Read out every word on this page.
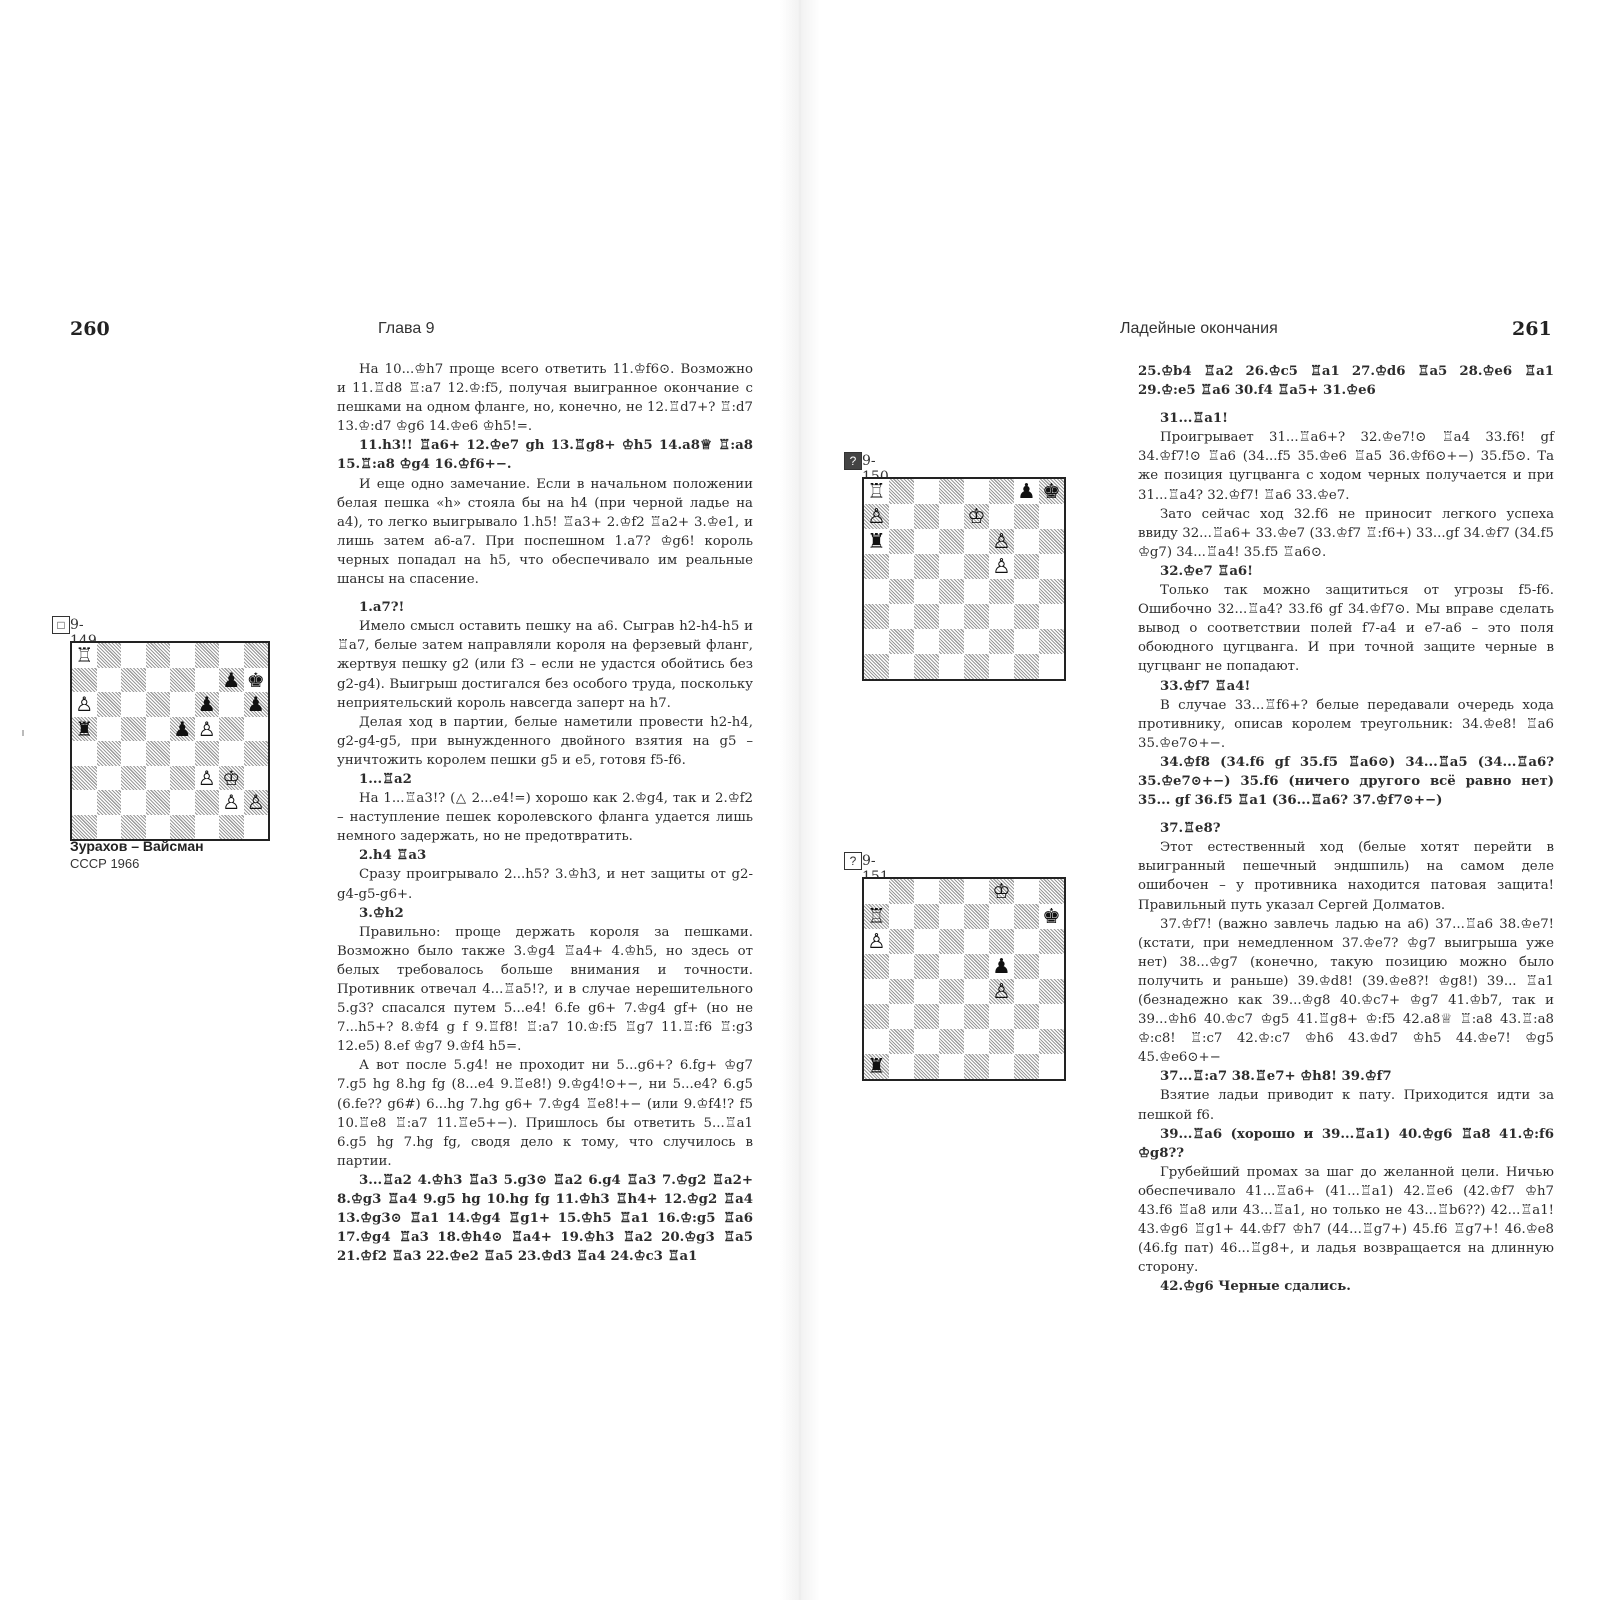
260	Глава 9
9-
□
♖
♟ ♚
♙	♟ ♟
♜	♟ ♙
♙ ♔
♙ ♙
Зурахов – Вайсман
СССР 1966

На 10...♔h7 проще всего ответить 11.♔f6⊙. Возможно и 11.♖d8 ♖:a7 12.♔:f5, получая выигранное окончание с пешками на одном фланге, но, конечно, не 12.♖d7+? ♖:d7 13.♔:d7 ♔g6 14.♔e6 ♔h5!=.

11.h3!! ♖a6+ 12.♔e7 gh 13.♖g8+ ♔h5 14.a8♕ ♖:a8 15.♖:a8 ♔g4 16.♔f6+−.

И еще одно замечание. Если в начальном положении белая пешка «h» стояла бы на h4 (при черной ладье на a4), то легко выигрывало 1.h5! ♖a3+ 2.♔f2 ♖a2+ 3.♔e1, и лишь затем a6-a7. При поспешном 1.a7? ♔g6! король черных попадал на h5, что обеспечивало им реальные шансы на спасение.

1.a7?!

Имело смысл оставить пешку на a6. Сыграв h2-h4-h5 и ♖a7, белые затем направляли короля на ферзевый фланг, жертвуя пешку g2 (или f3 – если не удастся обойтись без g2-g4). Выигрыш достигался без особого труда, поскольку неприятельский король навсегда заперт на h7.

Делая ход в партии, белые наметили провести h2-h4, g2-g4-g5, при вынужденного двойного взятия на g5 – уничтожить королем пешки g5 и e5, готовя f5-f6.

1...♖a2

На 1...♖a3!? (△ 2...e4!=) хорошо как 2.♔g4, так и 2.♔f2 – наступление пешек королевского фланга удается лишь немного задержать, но не предотвратить.

2.h4 ♖a3

Сразу проигрывало 2...h5? 3.♔h3, и нет защиты от g2-g4-g5-g6+.

3.♔h2

Правильно: проще держать короля за пешками. Возможно было также 3.♔g4 ♖a4+ 4.♔h5, но здесь от белых требовалось больше внимания и точности. Противник отвечал 4...♖a5!?, и в случае нерешительного 5.g3? спасался путем 5...e4! 6.fe g6+ 7.♔g4 gf+ (но не 7...h5+? 8.♔f4 g f 9.♖f8! ♖:a7 10.♔:f5 ♖g7 11.♖:f6 ♖:g3 12.e5) 8.ef ♔g7 9.♔f4 h5=.

А вот после 5.g4! не проходит ни 5...g6+? 6.fg+ ♔g7 7.g5 hg 8.hg fg (8...e4 9.♖e8!) 9.♔g4!⊙+−, ни 5...e4? 6.g5 (6.fe?? g6#) 6...hg 7.hg g6+ 7.♔g4 ♖e8!+− (или 9.♔f4!? f5 10.♖e8 ♖:a7 11.♖e5+−). Пришлось бы ответить 5...♖a1 6.g5 hg 7.hg fg, сводя дело к тому, что случилось в партии.

3...♖a2 4.♔h3 ♖a3 5.g3⊙ ♖a2 6.g4 ♖a3 7.♔g2 ♖a2+ 8.♔g3 ♖a4 9.g5 hg 10.hg fg 11.♔h3 ♖h4+ 12.♔g2 ♖a4 13.♔g3⊙ ♖a1 14.♔g4 ♖g1+ 15.♔h5 ♖a1 16.♔:g5 ♖a6 17.♔g4 ♖a3 18.♔h4⊙ ♖a4+ 19.♔h3 ♖a2 20.♔g3 ♖a5 21.♔f2 ♖a3 22.♔e2 ♖a5 23.♔d3 ♖a4 24.♔c3 ♖a1

Ладейные окончания	261
9-
?
♖	♟ ♚
♙	♔
♜	♙
♙
9-
?
♔
♖	♚
♙
♟
♙
♜

25.♔b4 ♖a2 26.♔c5 ♖a1 27.♔d6 ♖a5 28.♔e6 ♖a1 29.♔:e5 ♖a6 30.f4 ♖a5+ 31.♔e6

31...♖a1!

Проигрывает 31...♖a6+? 32.♔e7!⊙ ♖a4 33.f6! gf 34.♔f7!⊙ ♖a6 (34...f5 35.♔e6 ♖a5 36.♔f6⊙+−) 35.f5⊙. Та же позиция цугцванга с ходом черных получается и при 31...♖a4? 32.♔f7! ♖a6 33.♔e7.

Зато сейчас ход 32.f6 не приносит легкого успеха ввиду 32...♖a6+ 33.♔e7 (33.♔f7 ♖:f6+) 33...gf 34.♔f7 (34.f5 ♔g7) 34...♖a4! 35.f5 ♖a6⊙.

32.♔e7 ♖a6!

Только так можно защититься от угрозы f5-f6. Ошибочно 32...♖a4? 33.f6 gf 34.♔f7⊙. Мы вправе сделать вывод о соответствии полей f7-a4 и e7-a6 – это поля обоюдного цугцванга. И при точной защите черные в цугцванг не попадают.

33.♔f7 ♖a4!

В случае 33...♖f6+? белые передавали очередь хода противнику, описав королем треугольник: 34.♔e8! ♖a6 35.♔e7⊙+−.

34.♔f8 (34.f6 gf 35.f5 ♖a6⊙) 34...♖a5 (34...♖a6? 35.♔e7⊙+−) 35.f6 (ничего другого всё равно нет) 35... gf 36.f5 ♖a1 (36...♖a6? 37.♔f7⊙+−)

37.♖e8?

Этот естественный ход (белые хотят перейти в выигранный пешечный эндшпиль) на самом деле ошибочен – у противника находится патовая защита! Правильный путь указал Сергей Долматов.

37.♔f7! (важно завлечь ладью на a6) 37...♖a6 38.♔e7! (кстати, при немедленном 37.♔e7? ♔g7 выигрыша уже нет) 38...♔g7 (конечно, такую позицию можно было получить и раньше) 39.♔d8! (39.♔e8?! ♔g8!) 39... ♖a1 (безнадежно как 39...♔g8 40.♔c7+ ♔g7 41.♔b7, так и 39...♔h6 40.♔c7 ♔g5 41.♖g8+ ♔:f5 42.a8♕ ♖:a8 43.♖:a8 ♔:c8! ♖:c7 42.♔:c7 ♔h6 43.♔d7 ♔h5 44.♔e7! ♔g5 45.♔e6⊙+−

37...♖:a7 38.♖e7+ ♔h8! 39.♔f7

Взятие ладьи приводит к пату. Приходится идти за пешкой f6.

39...♖a6 (хорошо и 39...♖a1) 40.♔g6 ♖a8 41.♔:f6 ♔g8??

Грубейший промах за шаг до желанной цели. Ничью обеспечивало 41...♖a6+ (41...♖a1) 42.♖e6 (42.♔f7 ♔h7 43.f6 ♖a8 или 43...♖a1, но только не 43...♖b6??) 42...♖a1! 43.♔g6 ♖g1+ 44.♔f7 ♔h7 (44...♖g7+) 45.f6 ♖g7+! 46.♔e8 (46.fg пат) 46...♖g8+, и ладья возвращается на длинную сторону.

42.♔g6 Черные сдались.
